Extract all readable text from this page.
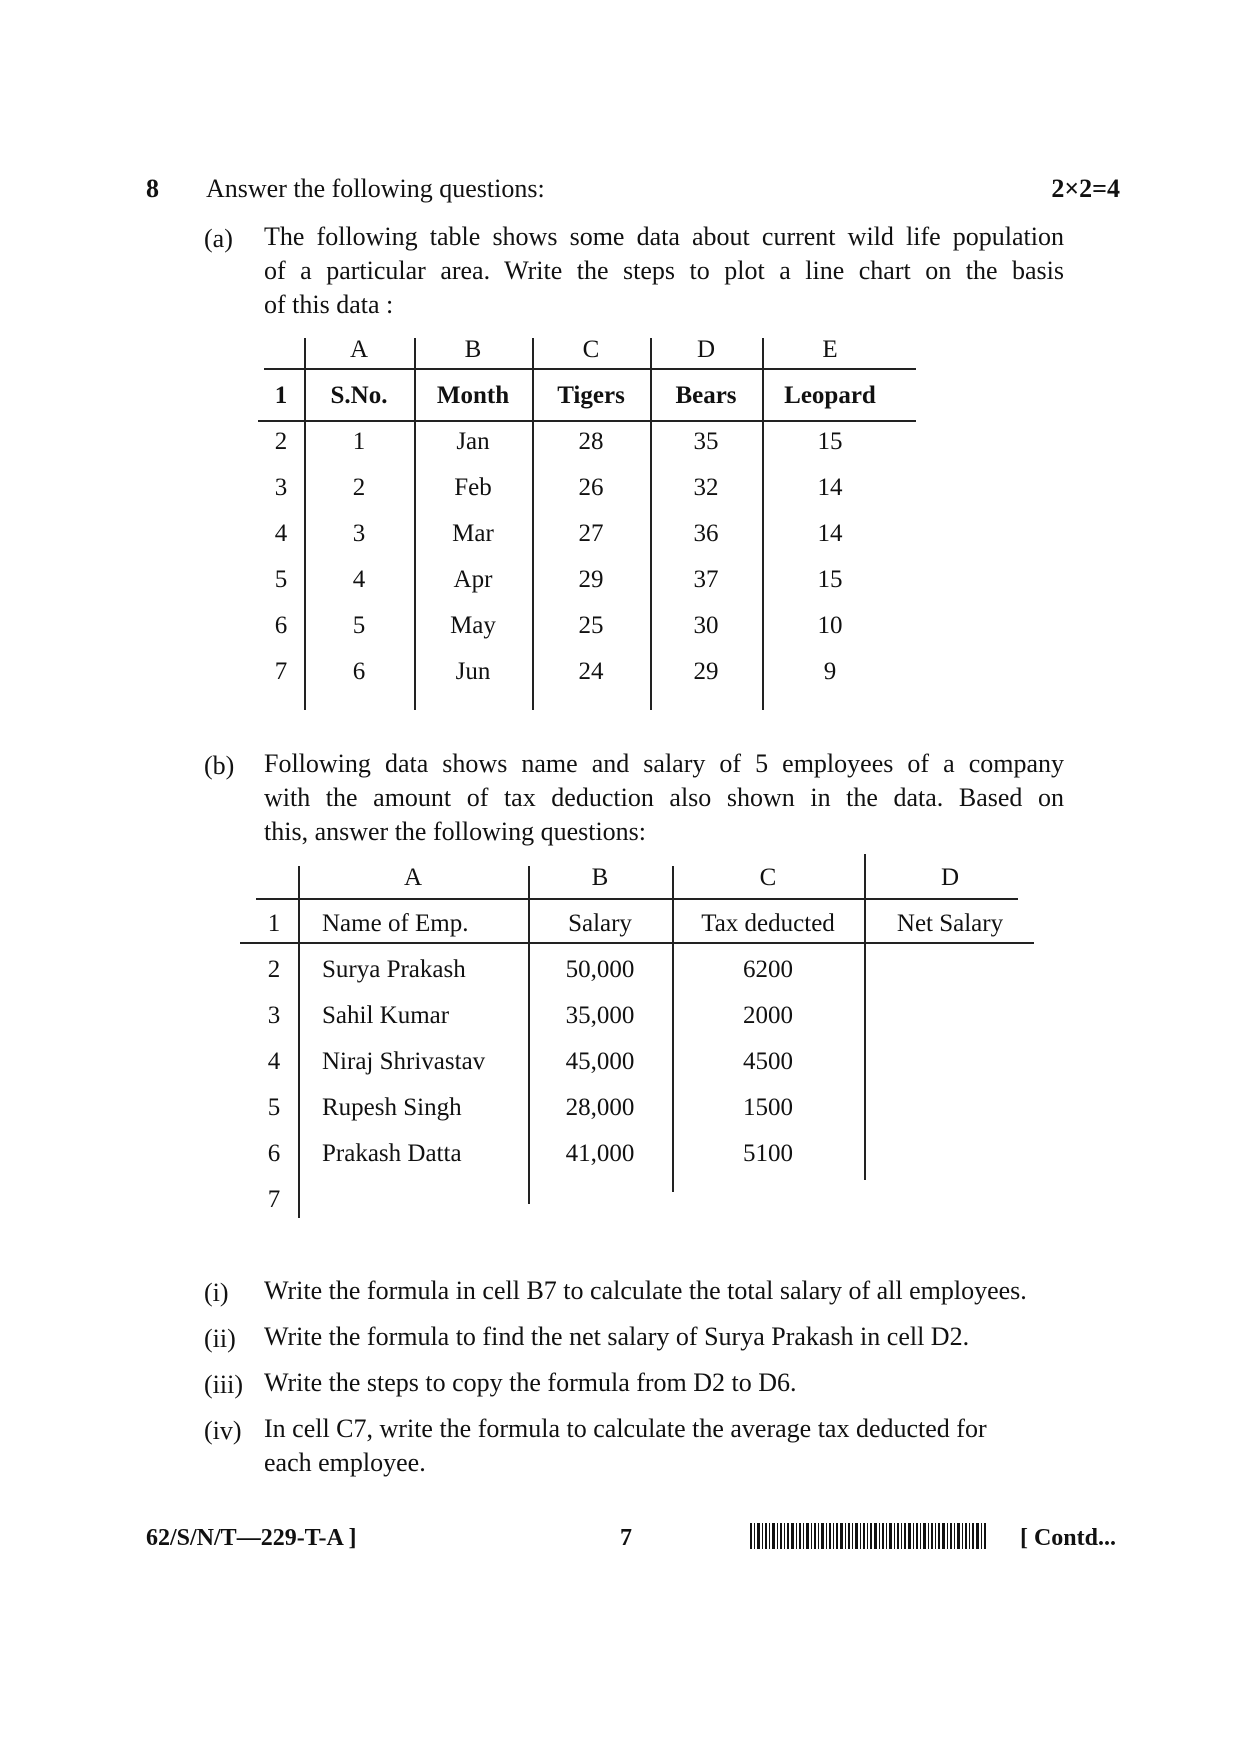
8 Answer the following questions:	2×2=4
(a) The following table shows some data about current wild life population
of a particular area. Write the steps to plot a line chart on the basis
of this data :
A	B	C	D	E
1	S.No.	Month	Tigers	Bears	Leopard
2	1	Jan	28	35	15
3	2	Feb	26	32	14
4	3	Mar	27	36	14
5	4	Apr	29	37	15
6	5	May	25	30	10
7	6	Jun	24	29	9
(b) Following data shows name and salary of 5 employees of a company
with the amount of tax deduction also shown in the data. Based on
this, answer the following questions:
A	B	C	D
1	Name of Emp.	Salary	Tax deducted	Net Salary
2	Surya Prakash	50,000	6200
3	Sahil Kumar	35,000	2000
4	Niraj Shrivastav	45,000	4500
5	Rupesh Singh	28,000	1500
6	Prakash Datta	41,000	5100
7
(i) Write the formula in cell B7 to calculate the total salary of all employees.
(ii) Write the formula to find the net salary of Surya Prakash in cell D2.
(iii) Write the steps to copy the formula from D2 to D6.
(iv) In cell C7, write the formula to calculate the average tax deducted for
each employee.
62/S/N/T—229-T-A ]	7	[ Contd...
